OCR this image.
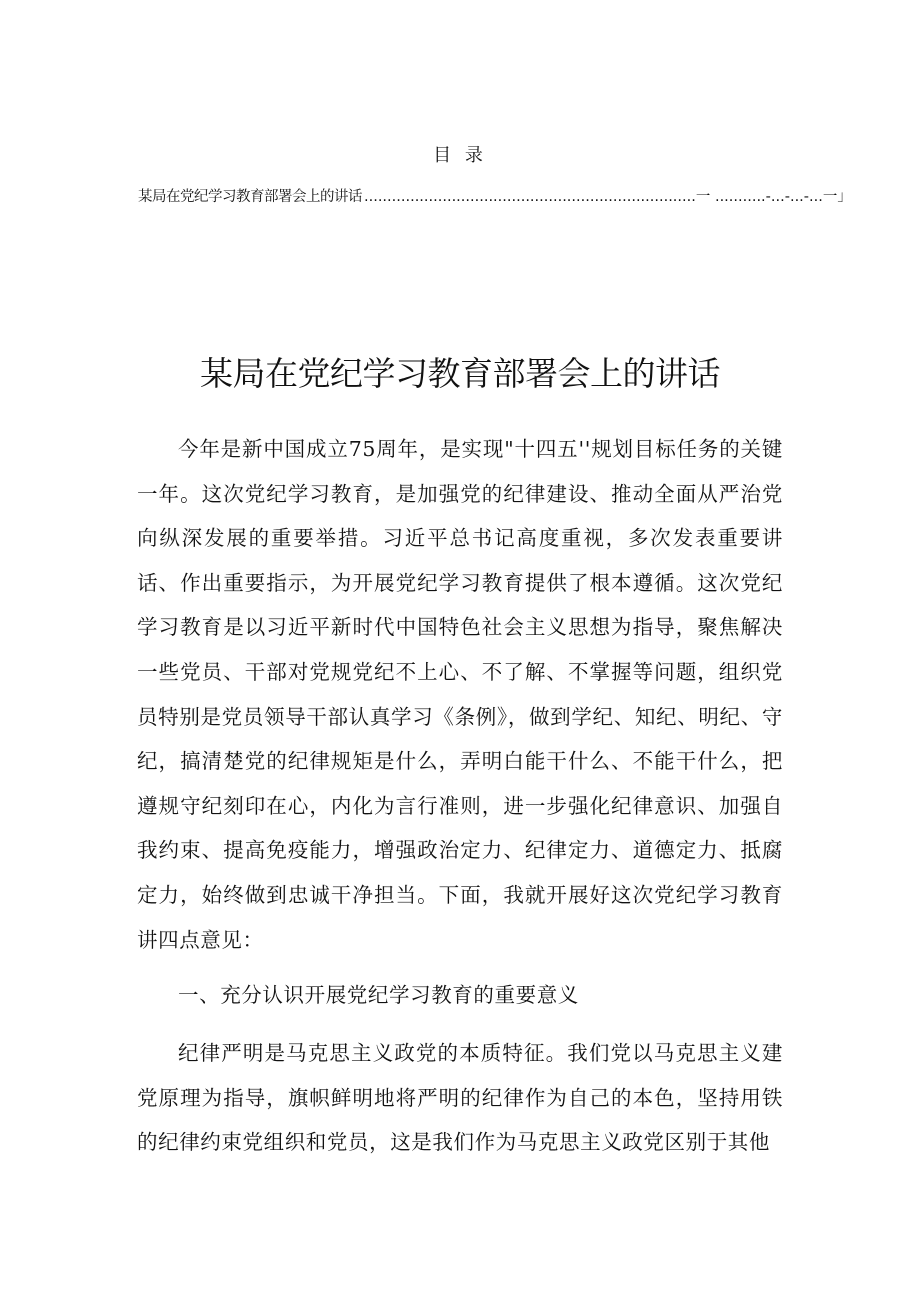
目 录
某局在党纪学习教育部署会上的讲话 ........................................................................一 ...........-...-...-...一」
某局在党纪学习教育部署会上的讲话

今年是新中国成立75周年，是实现"十四五''规划目标任务的关键一年。这次党纪学习教育，是加强党的纪律建设、推动全面从严治党向纵深发展的重要举措。习近平总书记高度重视，多次发表重要讲话、作出重要指示，为开展党纪学习教育提供了根本遵循。这次党纪学习教育是以习近平新时代中国特色社会主义思想为指导，聚焦解决一些党员、干部对党规党纪不上心、不了解、不掌握等问题，组织党员特别是党员领导干部认真学习《条例》，做到学纪、知纪、明纪、守纪，搞清楚党的纪律规矩是什么，弄明白能干什么、不能干什么，把遵规守纪刻印在心，内化为言行准则，进一步强化纪律意识、加强自我约束、提高免疫能力，增强政治定力、纪律定力、道德定力、抵腐定力，始终做到忠诚干净担当。下面，我就开展好这次党纪学习教育讲四点意见：

一、充分认识开展党纪学习教育的重要意义

纪律严明是马克思主义政党的本质特征。我们党以马克思主义建党原理为指导，旗帜鲜明地将严明的纪律作为自己的本色，坚持用铁的纪律约束党组织和党员，这是我们作为马克思主义政党区别于其他
